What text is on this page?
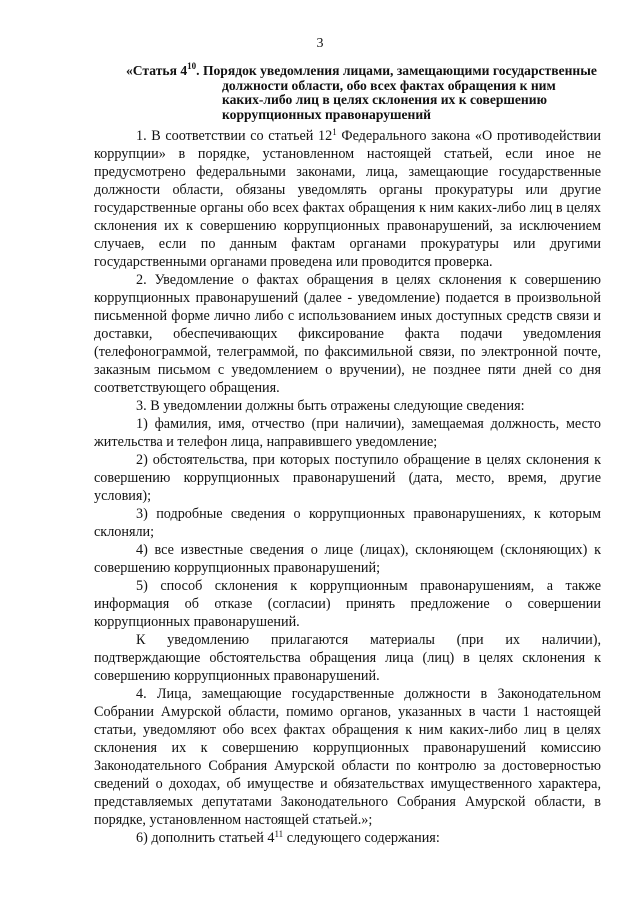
3
«Статья $4^{10}$. Порядок уведомления лицами, замещающими государственные должности области, обо всех фактах обращения к ним каких-либо лиц в целях склонения их к совершению коррупционных правонарушений

1. В соответствии со статьей $12^1$ Федерального закона «О противодействии коррупции» в порядке, установленном настоящей статьей, если иное не предусмотрено федеральными законами, лица, замещающие государственные должности области, обязаны уведомлять органы прокуратуры или другие государственные органы обо всех фактах обращения к ним каких-либо лиц в целях склонения их к совершению коррупционных правонарушений, за исключением случаев, если по данным фактам органами прокуратуры или другими государственными органами проведена или проводится проверка.

2. Уведомление о фактах обращения в целях склонения к совершению коррупционных правонарушений (далее - уведомление) подается в произвольной письменной форме лично либо с использованием иных доступных средств связи и доставки, обеспечивающих фиксирование факта подачи уведомления (телефонограммой, телеграммой, по факсимильной связи, по электронной почте, заказным письмом с уведомлением о вручении), не позднее пяти дней со дня соответствующего обращения.

3. В уведомлении должны быть отражены следующие сведения:

1) фамилия, имя, отчество (при наличии), замещаемая должность, место жительства и телефон лица, направившего уведомление;

2) обстоятельства, при которых поступило обращение в целях склонения к совершению коррупционных правонарушений (дата, место, время, другие условия);

3) подробные сведения о коррупционных правонарушениях, к которым склоняли;

4) все известные сведения о лице (лицах), склоняющем (склоняющих) к совершению коррупционных правонарушений;

5) способ склонения к коррупционным правонарушениям, а также информация об отказе (согласии) принять предложение о совершении коррупционных правонарушений.

К уведомлению прилагаются материалы (при их наличии), подтверждающие обстоятельства обращения лица (лиц) в целях склонения к совершению коррупционных правонарушений.

4. Лица, замещающие государственные должности в Законодательном Собрании Амурской области, помимо органов, указанных в части 1 настоящей статьи, уведомляют обо всех фактах обращения к ним каких-либо лиц в целях склонения их к совершению коррупционных правонарушений комиссию Законодательного Собрания Амурской области по контролю за достоверностью сведений о доходах, об имуществе и обязательствах имущественного характера, представляемых депутатами Законодательного Собрания Амурской области, в порядке, установленном настоящей статьей.»;

6) дополнить статьей $4^{11}$ следующего содержания:
